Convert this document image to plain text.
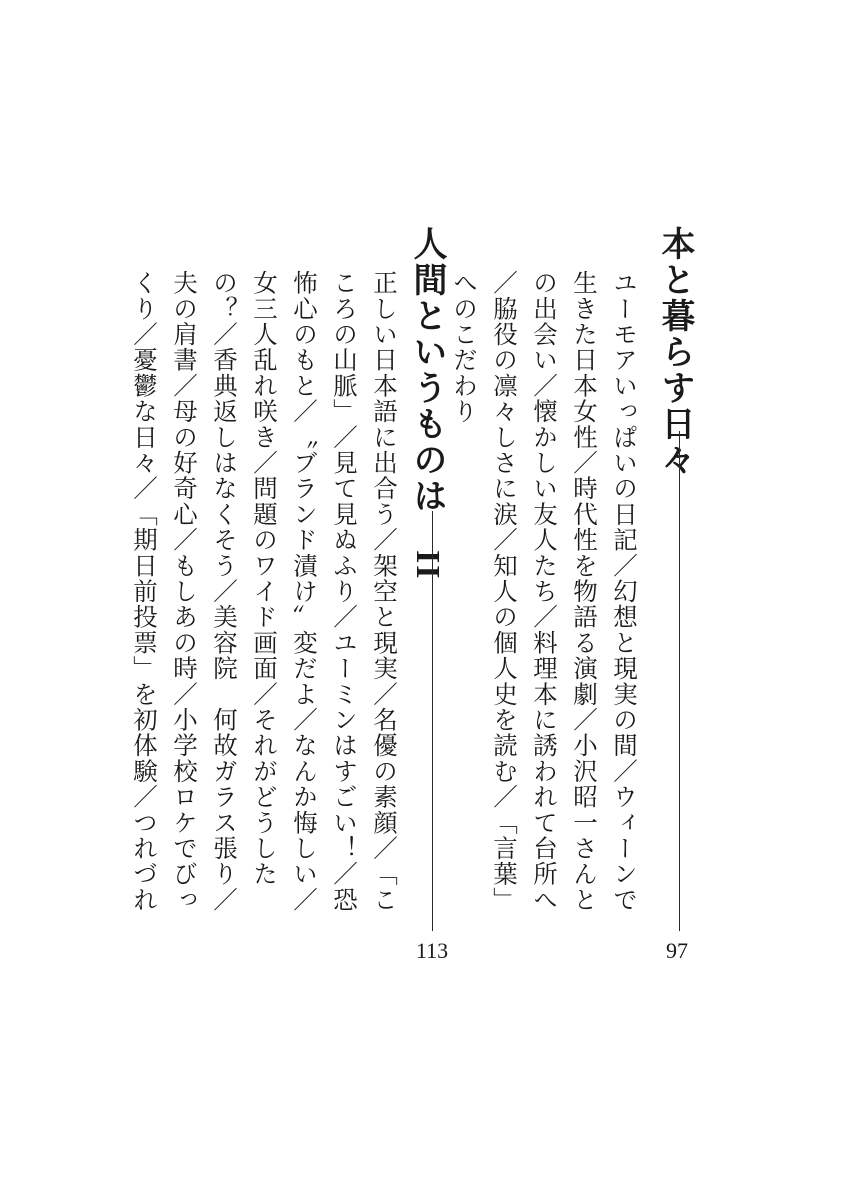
本と暮らす日々
97
ユーモアいっぱいの日記／幻想と現実の間／ウィーンで
生きた日本女性／時代性を物語る演劇／小沢昭一さんと
の出会い／懐かしい友人たち／料理本に誘われて台所へ
／脇役の凛々しさに涙／知人の個人史を読む／「言葉」
へのこだわり
人間というものは　II
113
正しい日本語に出合う／架空と現実／名優の素顔／「こ
ころの山脈」／見て見ぬふり／ユーミンはすごい！／恐
怖心のもと／〝ブランド漬け〟変だよ／なんか悔しい／
女三人乱れ咲き／問題のワイド画面／それがどうした
の？／香典返しはなくそう／美容院　何故ガラス張り／
夫の肩書／母の好奇心／もしあの時／小学校ロケでびっ
くり／憂鬱な日々／「期日前投票」を初体験／つれづれ
